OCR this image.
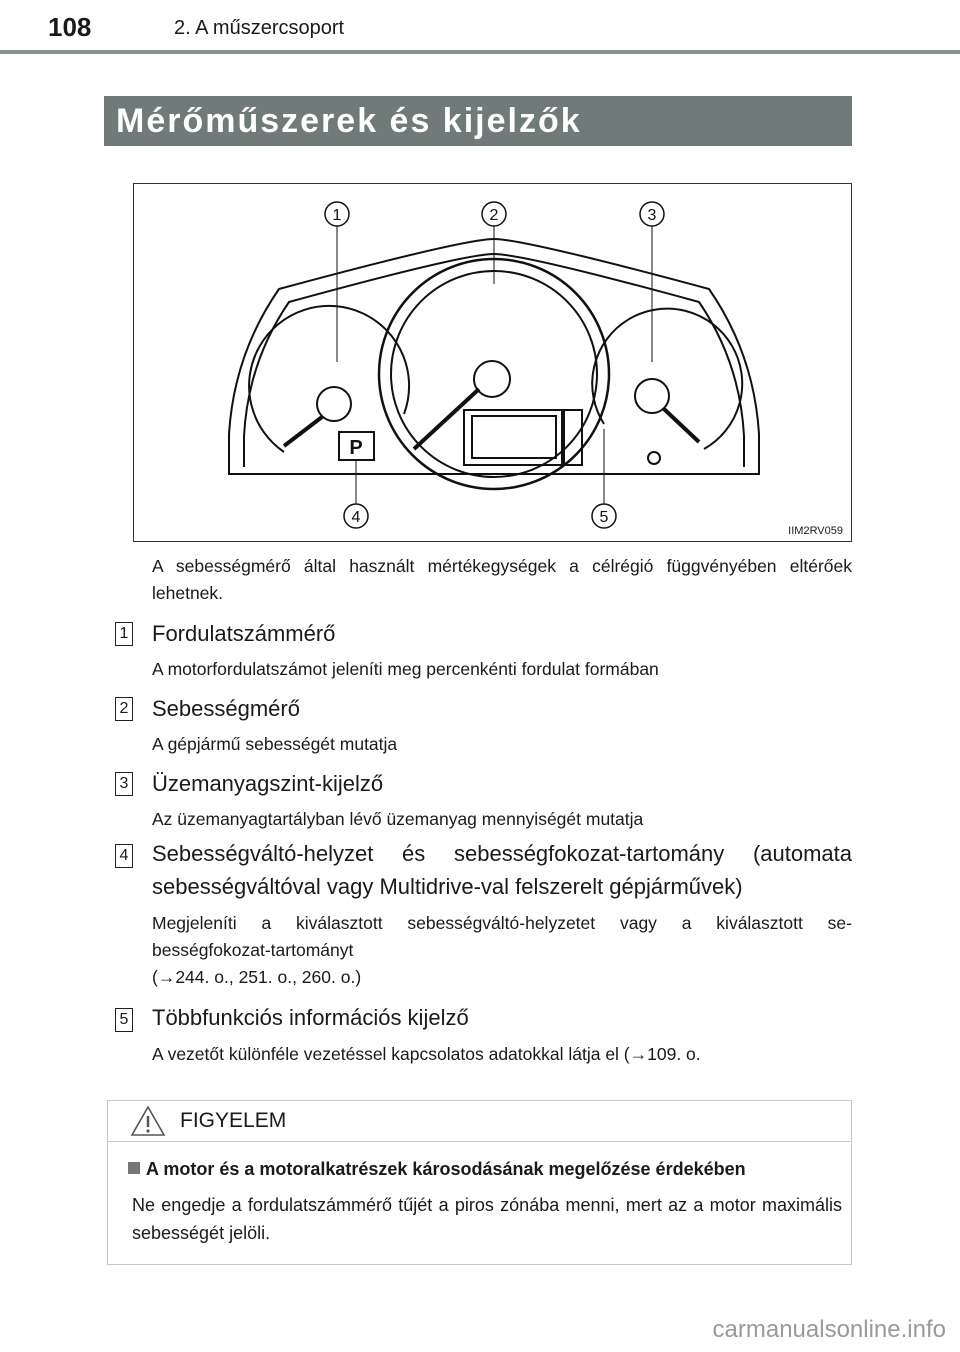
108	2. A műszercsoport
Mérőműszerek és kijelzők
1	2	3
4	5
P
IIM2RV059
A sebességmérő által használt mértékegységek a célrégió függvényében eltérőek lehetnek.
1 Fordulatszámmérő
A motorfordulatszámot jeleníti meg percenkénti fordulat formában
2 Sebességmérő
A gépjármű sebességét mutatja
3 Üzemanyagszint-kijelző
Az üzemanyagtartályban lévő üzemanyag mennyiségét mutatja
4 Sebességváltó-helyzet és sebességfokozat-tartomány (automata
sebességváltóval vagy Multidrive-val felszerelt gépjárművek)
Megjeleníti a kiválasztott sebességváltó-helyzetet vagy a kiválasztott se-
bességfokozat-tartományt
(→244. o., 251. o., 260. o.)
5 Többfunkciós információs kijelző
A vezetőt különféle vezetéssel kapcsolatos adatokkal látja el (→109. o.
FIGYELEM
A motor és a motoralkatrészek károsodásának megelőzése érdekében
Ne engedje a fordulatszámmérő tűjét a piros zónába menni, mert az a motor maximális sebességét jelöli.
carmanualsonline.info
